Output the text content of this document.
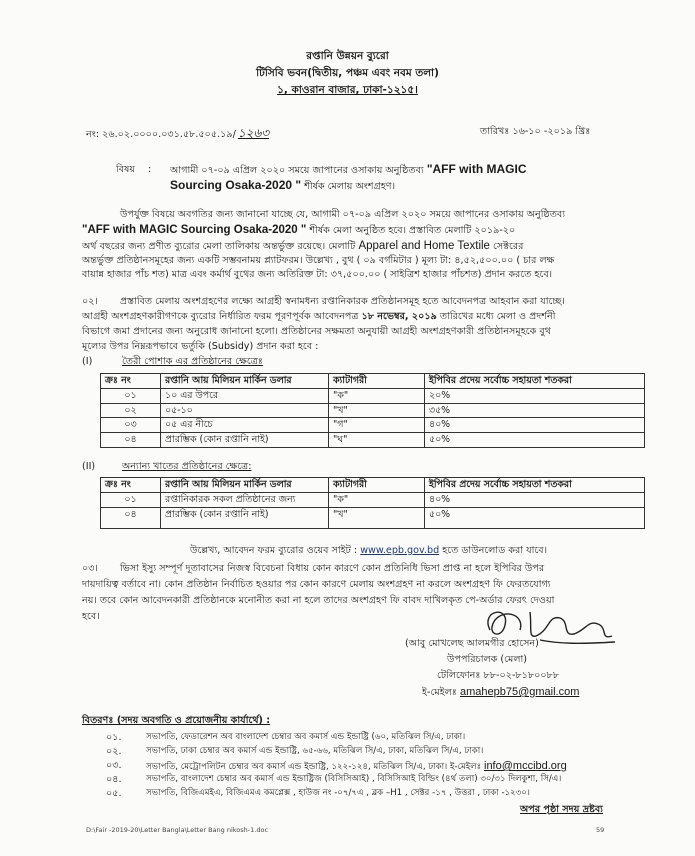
রপ্তানি উন্নয়ন ব্যুরো
টিসিবি ভবন(দ্বিতীয়, পঞ্চম এবং নবম তলা)
১, কাওরান বাজার, ঢাকা-১২১৫।
নং: ২৬.০২.০০০০.০৩১.৫৮.৫০৫.১৯/ ১২৬৩	তারিখঃ ১৬-১০ -২০১৯ খ্রিঃ
বিষয় : আগামী ০৭-০৯ এপ্রিল ২০২০ সময়ে জাপানের ওসাকায় অনুষ্ঠিতব্য "AFF with MAGIC
Sourcing Osaka-2020 " শীর্ষক মেলায় অংশগ্রহণ।
উপর্যুক্ত বিষয়ে অবগতির জন্য জানানো যাচ্ছে যে, আগামী ০৭-০৯ এপ্রিল ২০২০ সময়ে জাপানের ওসাকায় অনুষ্ঠিতব্য
"AFF with MAGIC Sourcing Osaka-2020 " শীর্ষক মেলা অনুষ্ঠিত হবে। প্রস্তাবিত মেলাটি ২০১৯-২০
অর্থ বছরের জন্য প্রণীত ব্যুরোর মেলা তালিকায় অন্তর্ভুক্ত রয়েছে। মেলাটি Apparel and Home Textile সেক্টরের
অন্তর্ভুক্ত প্রতিষ্ঠানসমূহের জন্য একটি সম্ভবনাময় প্ল্যাটফরম। উল্লেখ্য , বুথ ( ০৯ বর্গমিটার ) মূল্য টা: ৪,৫২,৫০০.০০ ( চার লক্ষ
বায়ান্ন হাজার পাঁচ শত) মাত্র এবং কর্মার্থ বুথের জন্য অতিরিক্ত টা: ৩৭,৫০০.০০ ( সাইত্রিশ হাজার পাঁচশত) প্রদান করতে হবে।
০২। প্রস্তাবিত মেলায় অংশগ্রহণের লক্ষ্যে আগ্রহী স্বনামধন্য রপ্তানিকারক প্রতিষ্ঠানসমূহ হতে আবেদনপত্র আহবান করা যাচ্ছে।
আগ্রহী অংশগ্রহণকারীগণকে ব্যুরোর নির্ধারিত ফরম পূরণপূর্বক আবেদনপত্র ১৮ নভেম্বর, ২০১৯ তারিখের মধ্যে মেলা ও প্রদর্শনী
বিভাগে জমা প্রদানের জন্য অনুরোধ জানানো হলো। প্রতিষ্ঠানের সক্ষমতা অনুযায়ী আগ্রহী অংশগ্রহণকারী প্রতিষ্ঠানসমূহকে বুথ
মূল্যের উপর নিম্নরূপভাবে ভর্তুকি (Subsidy) প্রদান করা হবে :
(I)	তৈরী পোশাক এর প্রতিষ্ঠানের ক্ষেত্রেঃ
ক্রঃ নং	রপ্তানি আয় মিলিয়ন মার্কিন ডলার	ক্যাটাগরী	ইপিবির প্রদেয় সর্বোচ্চ সহায়তা শতকরা
০১	১০ এর উপরে	"ক"	২০%
০২	০৫-১০	"খ"	৩৫%
০৩	০৫ এর নীচে	"গ"	৪০%
০৪	প্রারম্ভিক (কোন রপ্তানি নাই)	"ঘ"	৫০%
(II)	অন্যান্য খাতের প্রতিষ্ঠানের ক্ষেত্রে:
ক্রঃ নং	রপ্তানি আয় মিলিয়ন মার্কিন ডলার	ক্যাটাগরী	ইপিবির প্রদেয় সর্বোচ্চ সহায়তা শতকরা
০১	রপ্তানিকারক সকল প্রতিষ্ঠানের জন্য	"ক"	৪০%
০৪	প্রারম্ভিক (কোন রপ্তানি নাই)	"খ"	৫০%
উল্লেখ্য, আবেদন ফরম ব্যুরোর ওয়েব সাইট : www.epb.gov.bd হতে ডাউনলোড করা যাবে।
০৩। ভিসা ইস্যু সম্পূর্ণ দূতাবাসের নিজস্ব বিবেচনা বিধায় কোন কারণে কোন প্রতিনিধি ভিসা প্রাপ্ত না হলে ইপিবির উপর
দায়দায়িত্ব বর্তাবে না। কোন প্রতিষ্ঠান নির্বাচিত হওয়ার পর কোন কারণে মেলায় অংশগ্রহণ না করলে অংশগ্রহণ ফি ফেরতযোগ্য
নয়। তবে কোন আবেদনকারী প্রতিষ্ঠানকে মনোনীত করা না হলে তাদের অংশগ্রহণ ফি বাবদ দাখিলকৃত পে-অর্ডার ফেরৎ দেওয়া
হবে।
(আবু মোখলেছ আলমগীর হোসেন)
উপপরিচালক (মেলা)
টেলিফোনঃ ৮৮-০২-৮১৮০০৮৮
ই-মেইলঃ amahepb75@gmail.com
বিতরণঃ (সদয় অবগতি ও প্রয়োজনীয় কার্যার্থে) :
০১.	সভাপতি, ফেডারেশন অব বাংলাদেশ চেম্বার অব কমার্স এন্ড ইন্ডাষ্ট্রি (৬০, মতিঝিল সি/এ, ঢাকা।
০২.	সভাপতি, ঢাকা চেম্বার অব কমার্স এন্ড ইন্ডাষ্ট্রি, ৬৫-৬৬, মতিঝিল সি/এ, ঢাকা, মতিঝিল সি/এ, ঢাকা।
০৩.	সভাপতি, মেট্রোপলিটন চেম্বার অব কমার্স এন্ড ইন্ডাষ্ট্রি, ১২২-১২৪, মতিঝিল সি/এ, ঢাকা। ই-মেইলঃ info@mccibd.org
০৪.	সভাপতি, বাংলাদেশ চেম্বার অব কমার্স এন্ড ইন্ডাষ্ট্রিজ (বিসিসিআই) , বিসিসিআই বিল্ডিং (৪র্থ তলা) ৩০/৩১ দিলকুশা, সি/এ।
০৫.	সভাপতি, বিজিএমইএ, বিজিএমএ কমপ্লেক্স , হাউজ নং -০৭/৭এ , ব্লক –H1 , সেক্টর -১৭ , উত্তরা , ঢাকা -১২৩০।
অপর পৃষ্ঠা সদয় দ্রষ্টব্য
D:\Fair -2019-20\Letter Bangla\Letter Bang nikosh-1.doc	59
